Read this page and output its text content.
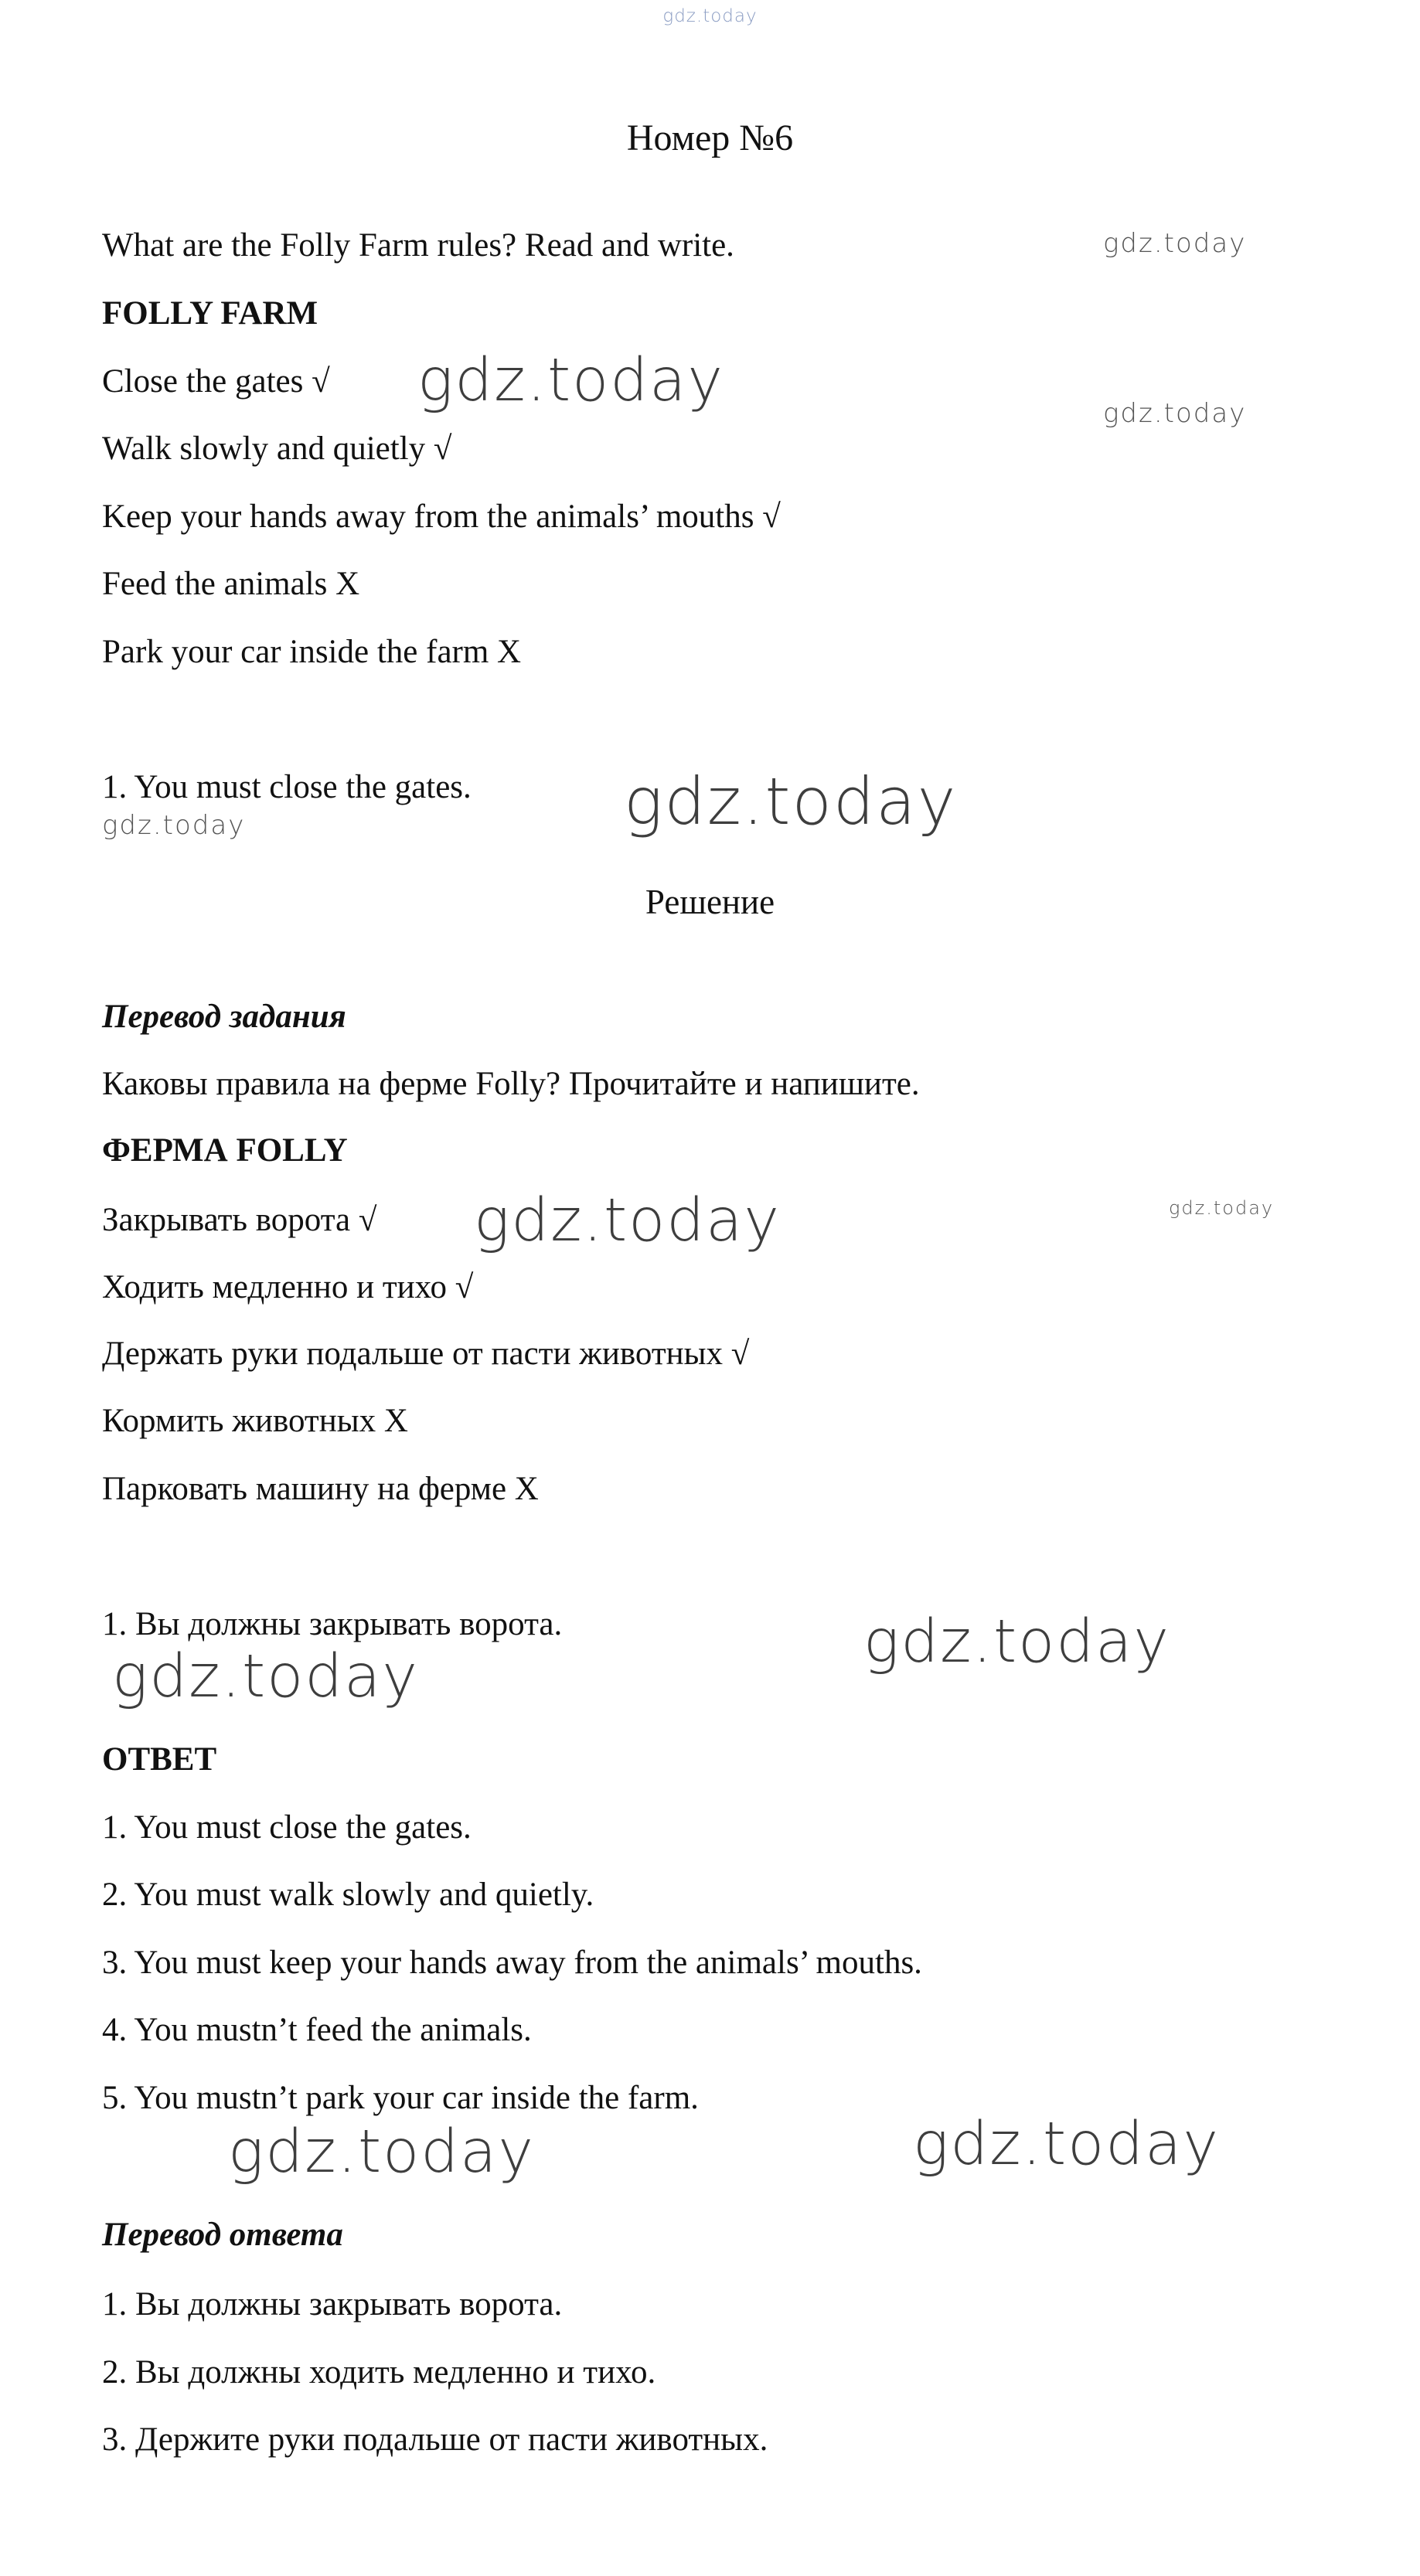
gdz.today
gdz.today
gdz.today	gdz.today
gdz.today
gdz.today
gdz.today	gdz.today
gdz.today
gdz.today
gdz.today	gdz.today
Номер №6
What are the Folly Farm rules? Read and write.
FOLLY FARM
Close the gates √
Walk slowly and quietly √
Keep your hands away from the animals’ mouths √
Feed the animals X
Park your car inside the farm X
1. You must close the gates.
Решение
Перевод задания
Каковы правила на ферме Folly? Прочитайте и напишите.
ФЕРМА FOLLY
Закрывать ворота √
Ходить медленно и тихо √
Держать руки подальше от пасти животных √
Кормить животных X
Парковать машину на ферме X
1. Вы должны закрывать ворота.
ОТВЕТ
1. You must close the gates.
2. You must walk slowly and quietly.
3. You must keep your hands away from the animals’ mouths.
4. You mustn’t feed the animals.
5. You mustn’t park your car inside the farm.
Перевод ответа
1. Вы должны закрывать ворота.
2. Вы должны ходить медленно и тихо.
3. Держите руки подальше от пасти животных.
